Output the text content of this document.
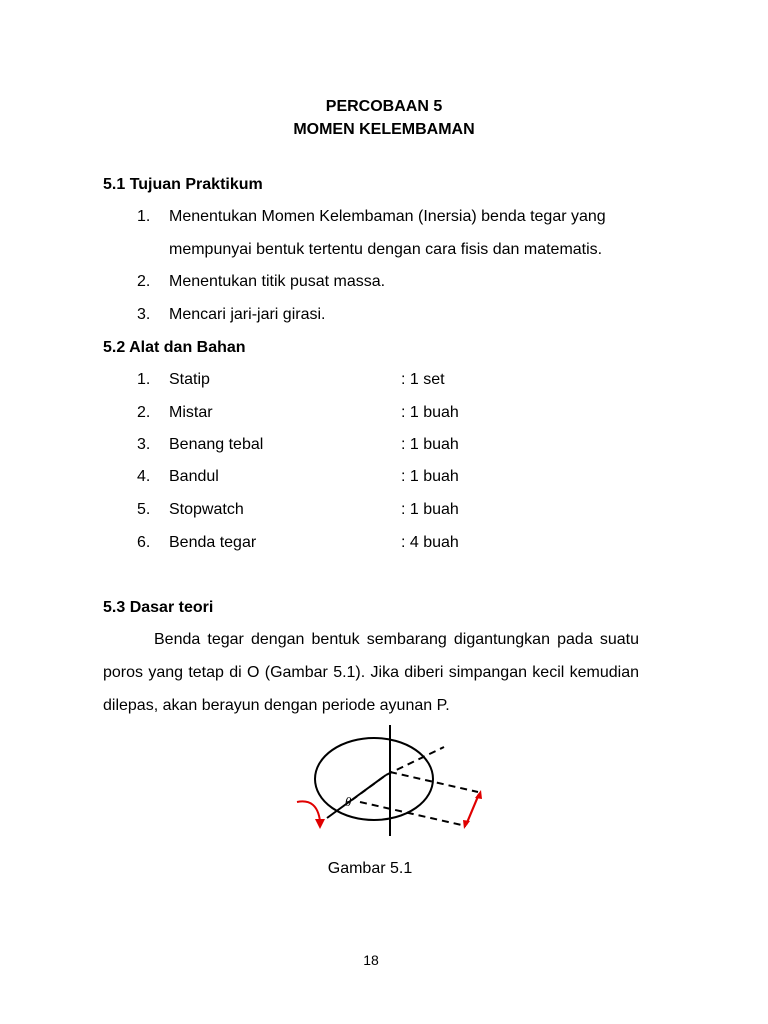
PERCOBAAN 5
MOMEN KELEMBAMAN
5.1 Tujuan Praktikum
1. Menentukan Momen Kelembaman (Inersia) benda tegar yang
mempunyai bentuk tertentu dengan cara fisis dan matematis.
2. Menentukan titik pusat massa.
3. Mencari jari-jari girasi.
5.2 Alat dan Bahan
1. Statip	: 1 set
2. Mistar	: 1 buah
3. Benang tebal	: 1 buah
4. Bandul	: 1 buah
5. Stopwatch	: 1 buah
6. Benda tegar	: 4 buah
5.3 Dasar teori

Benda tegar dengan bentuk sembarang digantungkan pada suatu poros yang tetap di O (Gambar 5.1). Jika diberi simpangan kecil kemudian dilepas, akan berayun dengan periode ayunan P.

θ
Gambar 5.1
18
